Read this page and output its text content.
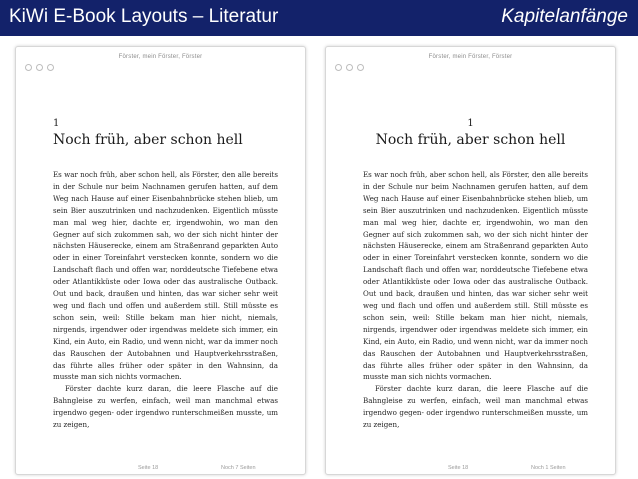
KiWi E-Book Layouts – Literatur	Kapitelanfänge
Förster, mein Förster, Förster
1
Noch früh, aber schon hell

Es war noch früh, aber schon hell, als Förster, den alle bereits in der Schule nur beim Nachnamen gerufen hatten, auf dem Weg nach Hause auf einer Eisenbahnbrücke stehen blieb, um sein Bier auszutrinken und nachzudenken. Eigentlich müsste man mal weg hier, dachte er, irgendwohin, wo man den Gegner auf sich zukommen sah, wo der sich nicht hinter der nächsten Häuserecke, einem am Straßenrand geparkten Auto oder in einer Toreinfahrt verstecken konnte, sondern wo die Landschaft flach und offen war, norddeutsche Tiefebene etwa oder Atlantikküste oder Iowa oder das australische Outback. Out und back, draußen und hinten, das war sicher sehr weit weg und flach und offen und außerdem still. Still müsste es schon sein, weil: Stille bekam man hier nicht, niemals, nirgends, irgendwer oder irgendwas meldete sich immer, ein Kind, ein Auto, ein Radio, und wenn nicht, war da immer noch das Rauschen der Autobahnen und Hauptverkehrsstraßen, das führte alles früher oder später in den Wahnsinn, da musste man sich nichts vormachen.

Förster dachte kurz daran, die leere Flasche auf die Bahngleise zu werfen, einfach, weil man manchmal etwas irgendwo gegen- oder irgendwo runterschmeißen musste, um zu zeigen,

Seite 18	Noch 7 Seiten
Förster, mein Förster, Förster
1
Noch früh, aber schon hell

Es war noch früh, aber schon hell, als Förster, den alle bereits in der Schule nur beim Nachnamen gerufen hatten, auf dem Weg nach Hause auf einer Eisenbahnbrücke stehen blieb, um sein Bier auszutrinken und nachzudenken. Eigentlich müsste man mal weg hier, dachte er, irgendwohin, wo man den Gegner auf sich zukommen sah, wo der sich nicht hinter der nächsten Häuserecke, einem am Straßenrand geparkten Auto oder in einer Toreinfahrt verstecken konnte, sondern wo die Landschaft flach und offen war, norddeutsche Tiefebene etwa oder Atlantikküste oder Iowa oder das australische Outback. Out und back, draußen und hinten, das war sicher sehr weit weg und flach und offen und außerdem still. Still müsste es schon sein, weil: Stille bekam man hier nicht, niemals, nirgends, irgendwer oder irgendwas meldete sich immer, ein Kind, ein Auto, ein Radio, und wenn nicht, war da immer noch das Rauschen der Autobahnen und Hauptverkehrsstraßen, das führte alles früher oder später in den Wahnsinn, da musste man sich nichts vormachen.

Förster dachte kurz daran, die leere Flasche auf die Bahngleise zu werfen, einfach, weil man manchmal etwas irgendwo gegen- oder irgendwo runterschmeißen musste, um zu zeigen,

Seite 18	Noch 1 Seiten
